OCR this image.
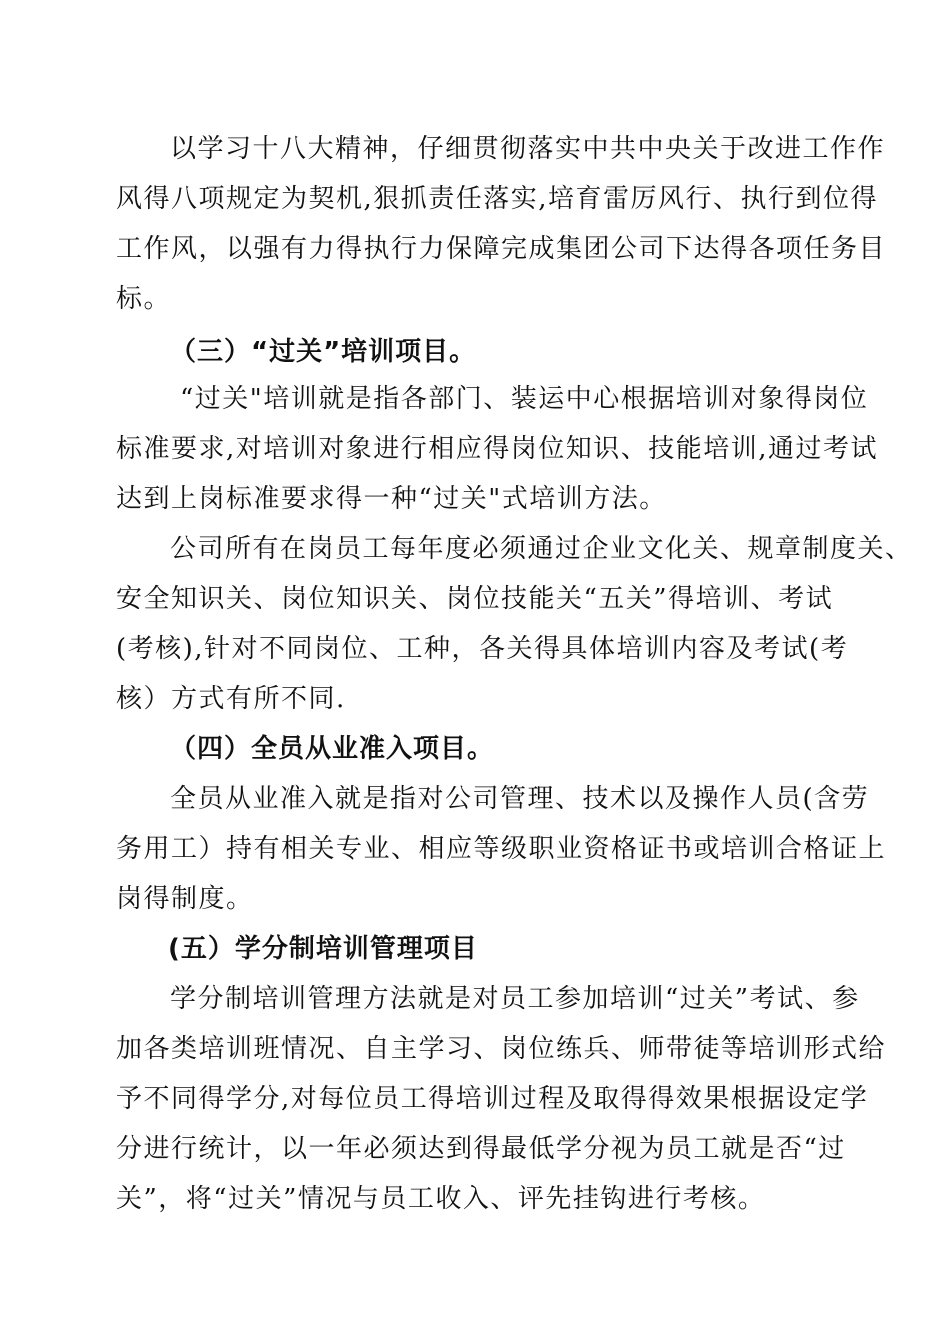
以学习十八大精神，仔细贯彻落实中共中央关于改进工作作
风得八项规定为契机,狠抓责任落实,培育雷厉风行、执行到位得
工作风，以强有力得执行力保障完成集团公司下达得各项任务目
标。
（三）“过关”培训项目。
“过关"培训就是指各部门、装运中心根据培训对象得岗位
标准要求,对培训对象进行相应得岗位知识、技能培训,通过考试
达到上岗标准要求得一种“过关"式培训方法。
公司所有在岗员工每年度必须通过企业文化关、规章制度关、
安全知识关、岗位知识关、岗位技能关“五关”得培训、考试
(考核),针对不同岗位、工种，各关得具体培训内容及考试(考
核）方式有所不同.
（四）全员从业准入项目。
全员从业准入就是指对公司管理、技术以及操作人员(含劳
务用工）持有相关专业、相应等级职业资格证书或培训合格证上
岗得制度。
(五）学分制培训管理项目
学分制培训管理方法就是对员工参加培训“过关”考试、参
加各类培训班情况、自主学习、岗位练兵、师带徒等培训形式给
予不同得学分,对每位员工得培训过程及取得得效果根据设定学
分进行统计，以一年必须达到得最低学分视为员工就是否“过
关”，将“过关”情况与员工收入、评先挂钩进行考核。
